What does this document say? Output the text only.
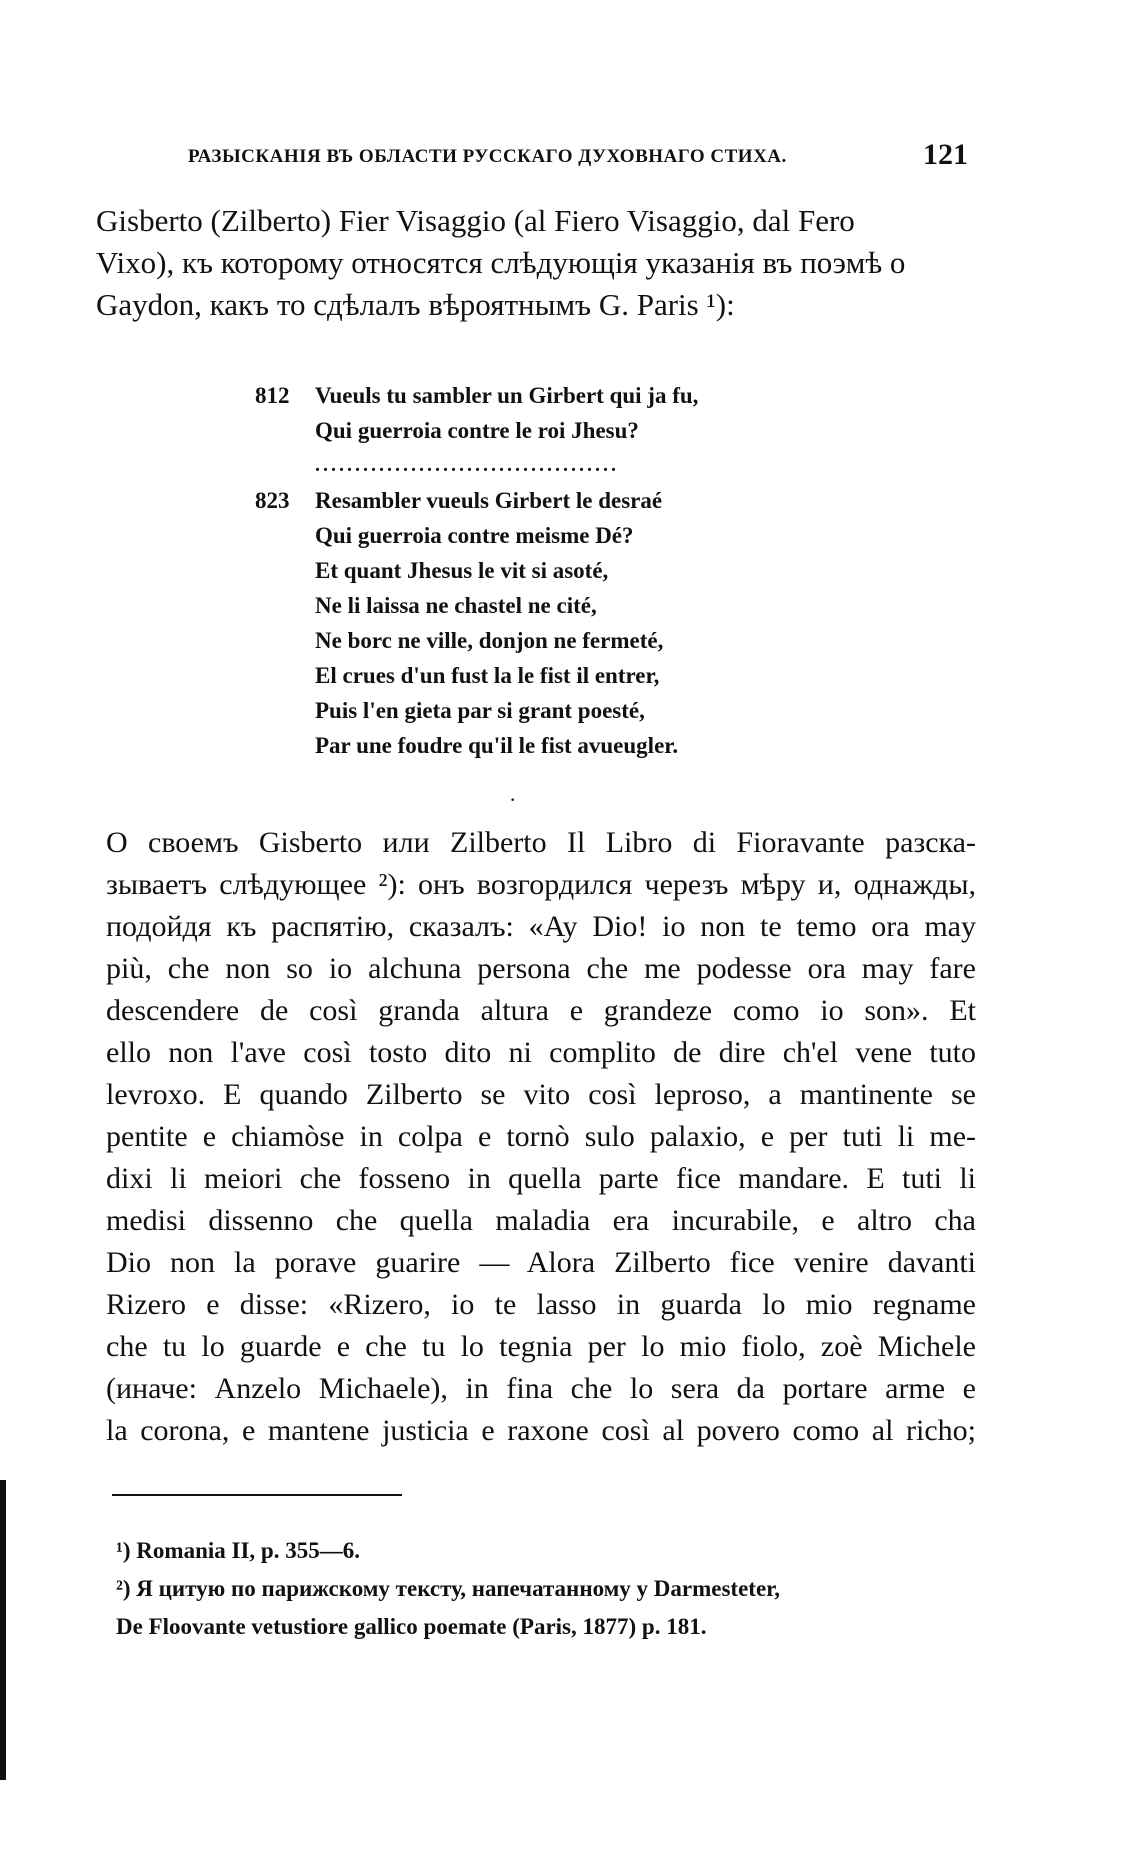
РАЗЫСКАНІЯ ВЪ ОБЛАСТИ РУССКАГО ДУХОВНАГО СТИХА.	121
Gisberto (Zilberto) Fier Visaggio (al Fiero Visaggio, dal Fero
Vixo), къ которому относятся слѣдующія указанія въ поэмѣ о
Gaydon, какъ то сдѣлалъ вѣроятнымъ G. Paris ¹):
812	Vueuls tu sambler un Girbert qui ja fu,
Qui guerroia contre le roi Jhesu?
......................................
823	Resambler vueuls Girbert le desraé
Qui guerroia contre meisme Dé?
Et quant Jhesus le vit si asoté,
Ne li laissa ne chastel ne cité,
Ne borc ne ville, donjon ne fermeté,
El crues d'un fust la le fist il entrer,
Puis l'en gieta par si grant poesté,
Par une foudre qu'il le fist avueugler.
·
О своемъ Gisberto или Zilberto Il Libro di Fioravante разска-
зываетъ слѣдующее ²): онъ возгордился черезъ мѣру и, однажды,
подойдя къ распятію, сказалъ: «Ay Dio! io non te temo ora may
più, che non so io alchuna persona che me podesse ora may fare
descendere de così granda altura e grandeze como io son». Et
ello non l'ave così tosto dito ni complito de dire ch'el vene tuto
levroxo. E quando Zilberto se vito così leproso, a mantinente se
pentite e chiamòse in colpa e tornò sulo palaxio, e per tuti li me-
dixi li meiori che fosseno in quella parte fice mandare. E tuti li
medisi dissenno che quella maladia era incurabile, e altro cha
Dio non la porave guarire — Alora Zilberto fice venire davanti
Rizero e disse: «Rizero, io te lasso in guarda lo mio regname
che tu lo guarde e che tu lo tegnia per lo mio fiolo, zoè Michele
(иначе: Anzelo Michaele), in fina che lo sera da portare arme e
la corona, e mantene justicia e raxone così al povero como al richo;
¹) Romania II, p. 355—6.
²) Я цитую по парижскому тексту, напечатанному у Darmesteter,
De Floovante vetustiore gallico poemate (Paris, 1877) p. 181.
